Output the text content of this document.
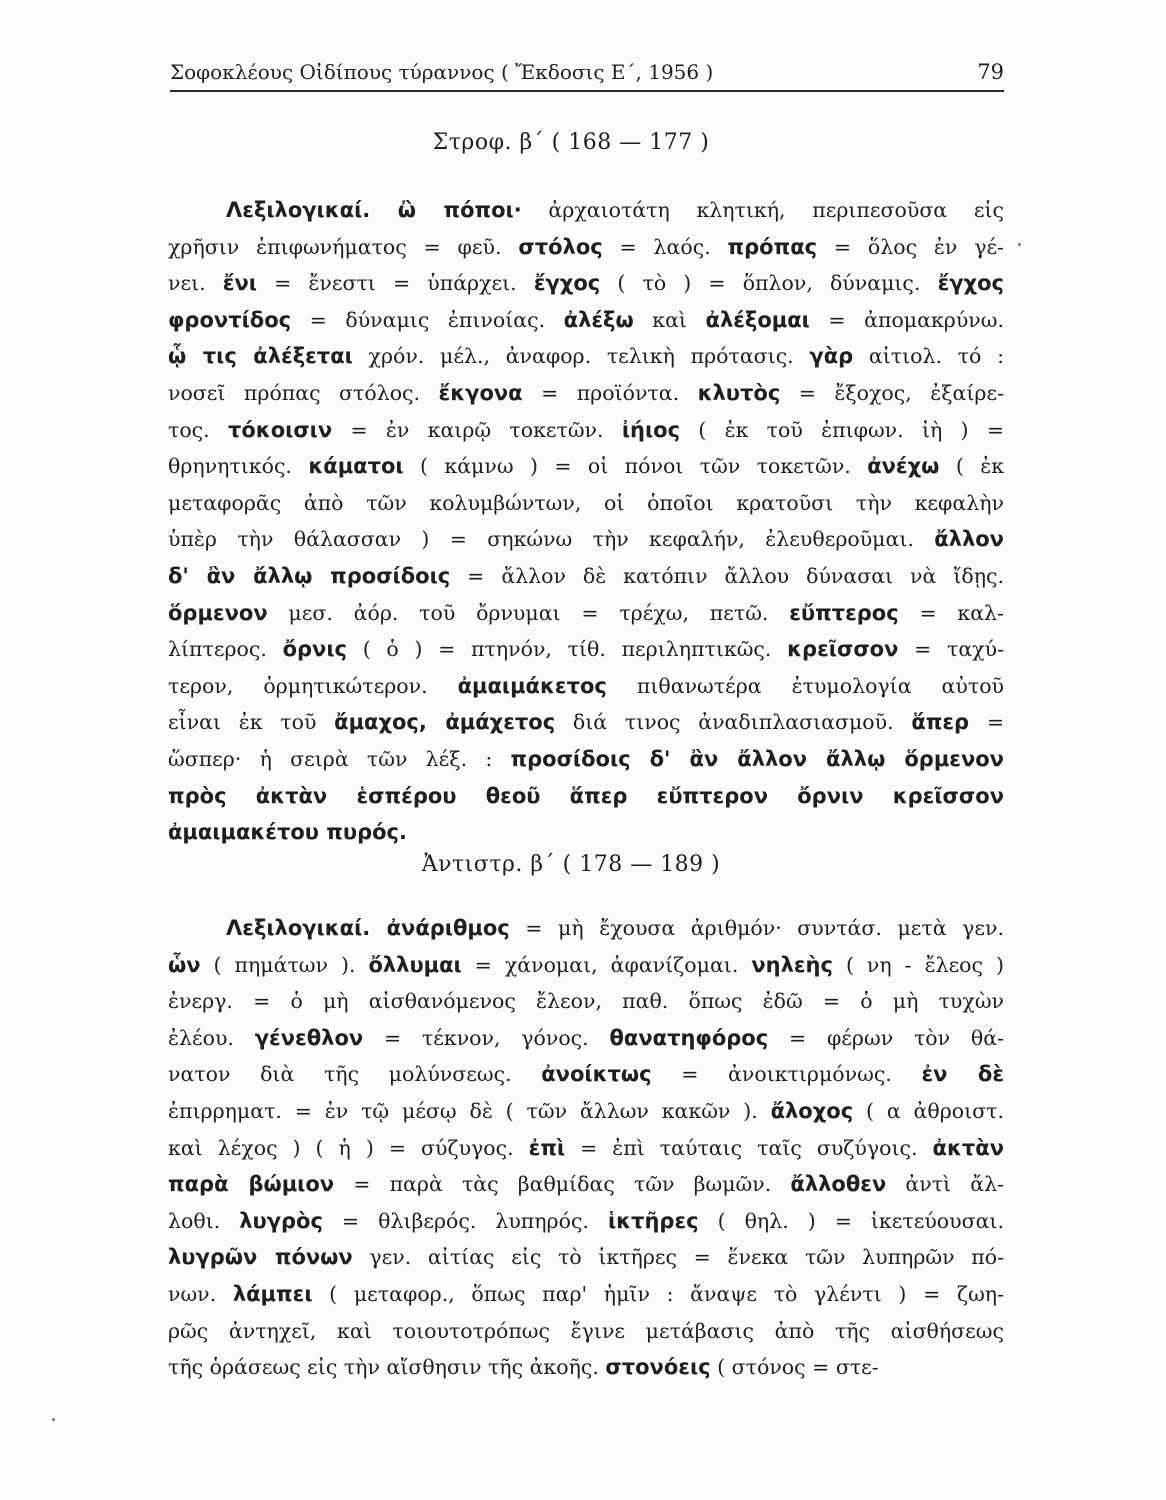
Σοφοκλέους Οἰδίπους τύραννος ( Ἔκδοσις Ε΄, 1956 )	79
Στροφ. β΄ ( 168 — 177 )
Λεξιλογικαί. ὢ πόποι· ἀρχαιοτάτη κλητική, περιπεσοῦσα εἰς
χρῆσιν ἐπιφωνήματος = φεῦ. στόλος = λαός. πρόπας = ὅλος ἐν γέ-
νει. ἔνι = ἔνεστι = ὑπάρχει. ἔγχος ( τὸ ) = ὅπλον, δύναμις. ἔγχος
φροντίδος = δύναμις ἐπινοίας. ἀλέξω καὶ ἀλέξομαι = ἀπομακρύνω.
ᾧ τις ἀλέξεται χρόν. μέλ., ἀναφορ. τελικὴ πρότασις. γὰρ αἰτιολ. τό :
νοσεῖ πρόπας στόλος. ἔκγονα = προϊόντα. κλυτὸς = ἔξοχος, ἐξαίρε-
τος. τόκοισιν = ἐν καιρῷ τοκετῶν. ἰήιος ( ἐκ τοῦ ἐπιφων. ἰὴ ) =
θρηνητικός. κάματοι ( κάμνω ) = οἱ πόνοι τῶν τοκετῶν. ἀνέχω ( ἐκ
μεταφορᾶς ἀπὸ τῶν κολυμβώντων, οἱ ὁποῖοι κρατοῦσι τὴν κεφαλὴν
ὑπὲρ τὴν θάλασσαν ) = σηκώνω τὴν κεφαλήν, ἐλευθεροῦμαι. ἄλλον
δ' ἂν ἄλλῳ προσίδοις = ἄλλον δὲ κατόπιν ἄλλου δύνασαι νὰ ἴδῃς.
ὅρμενον μεσ. ἀόρ. τοῦ ὄρνυμαι = τρέχω, πετῶ. εὔπτερος = καλ-
λίπτερος. ὄρνις ( ὁ ) = πτηνόν, τίθ. περιληπτικῶς. κρεῖσσον = ταχύ-
τερον, ὁρμητικώτερον. ἀμαιμάκετος πιθανωτέρα ἐτυμολογία αὐτοῦ
εἶναι ἐκ τοῦ ἄμαχος, ἀμάχετος διά τινος ἀναδιπλασιασμοῦ. ἅπερ =
ὥσπερ· ἡ σειρὰ τῶν λέξ. : προσίδοις δ' ἂν ἄλλον ἄλλῳ ὅρμενον
πρὸς ἀκτὰν ἑσπέρου θεοῦ ἅπερ εὔπτερον ὄρνιν κρεῖσσον
ἀμαιμακέτου πυρός.
Ἀντιστρ. β΄ ( 178 — 189 )
Λεξιλογικαί. ἀνάριθμος = μὴ ἔχουσα ἀριθμόν· συντάσ. μετὰ γεν.
ὧν ( πημάτων ). ὄλλυμαι = χάνομαι, ἀφανίζομαι. νηλεὴς ( νη - ἔλεος )
ἐνεργ. = ὁ μὴ αἰσθανόμενος ἔλεον, παθ. ὅπως ἐδῶ = ὁ μὴ τυχὼν
ἐλέου. γένεθλον = τέκνον, γόνος. θανατηφόρος = φέρων τὸν θά-
νατον διὰ τῆς μολύνσεως. ἀνοίκτως = ἀνοικτιρμόνως. ἐν δὲ
ἐπιρρηματ. = ἐν τῷ μέσῳ δὲ ( τῶν ἄλλων κακῶν ). ἄλοχος ( α ἀθροιστ.
καὶ λέχος ) ( ἡ ) = σύζυγος. ἐπὶ = ἐπὶ ταύταις ταῖς συζύγοις. ἀκτὰν
παρὰ βώμιον = παρὰ τὰς βαθμίδας τῶν βωμῶν. ἄλλοθεν ἀντὶ ἄλ-
λοθι. λυγρὸς = θλιβερός. λυπηρός. ἱκτῆρες ( θηλ. ) = ἱκετεύουσαι.
λυγρῶν πόνων γεν. αἰτίας εἰς τὸ ἱκτῆρες = ἕνεκα τῶν λυπηρῶν πό-
νων. λάμπει ( μεταφορ., ὅπως παρ' ἡμῖν : ἄναψε τὸ γλέντι ) = ζωη-
ρῶς ἀντηχεῖ, καὶ τοιουτοτρόπως ἔγινε μετάβασις ἀπὸ τῆς αἰσθήσεως
τῆς ὁράσεως εἰς τὴν αἴσθησιν τῆς ἀκοῆς. στονόεις ( στόνος = στε-
